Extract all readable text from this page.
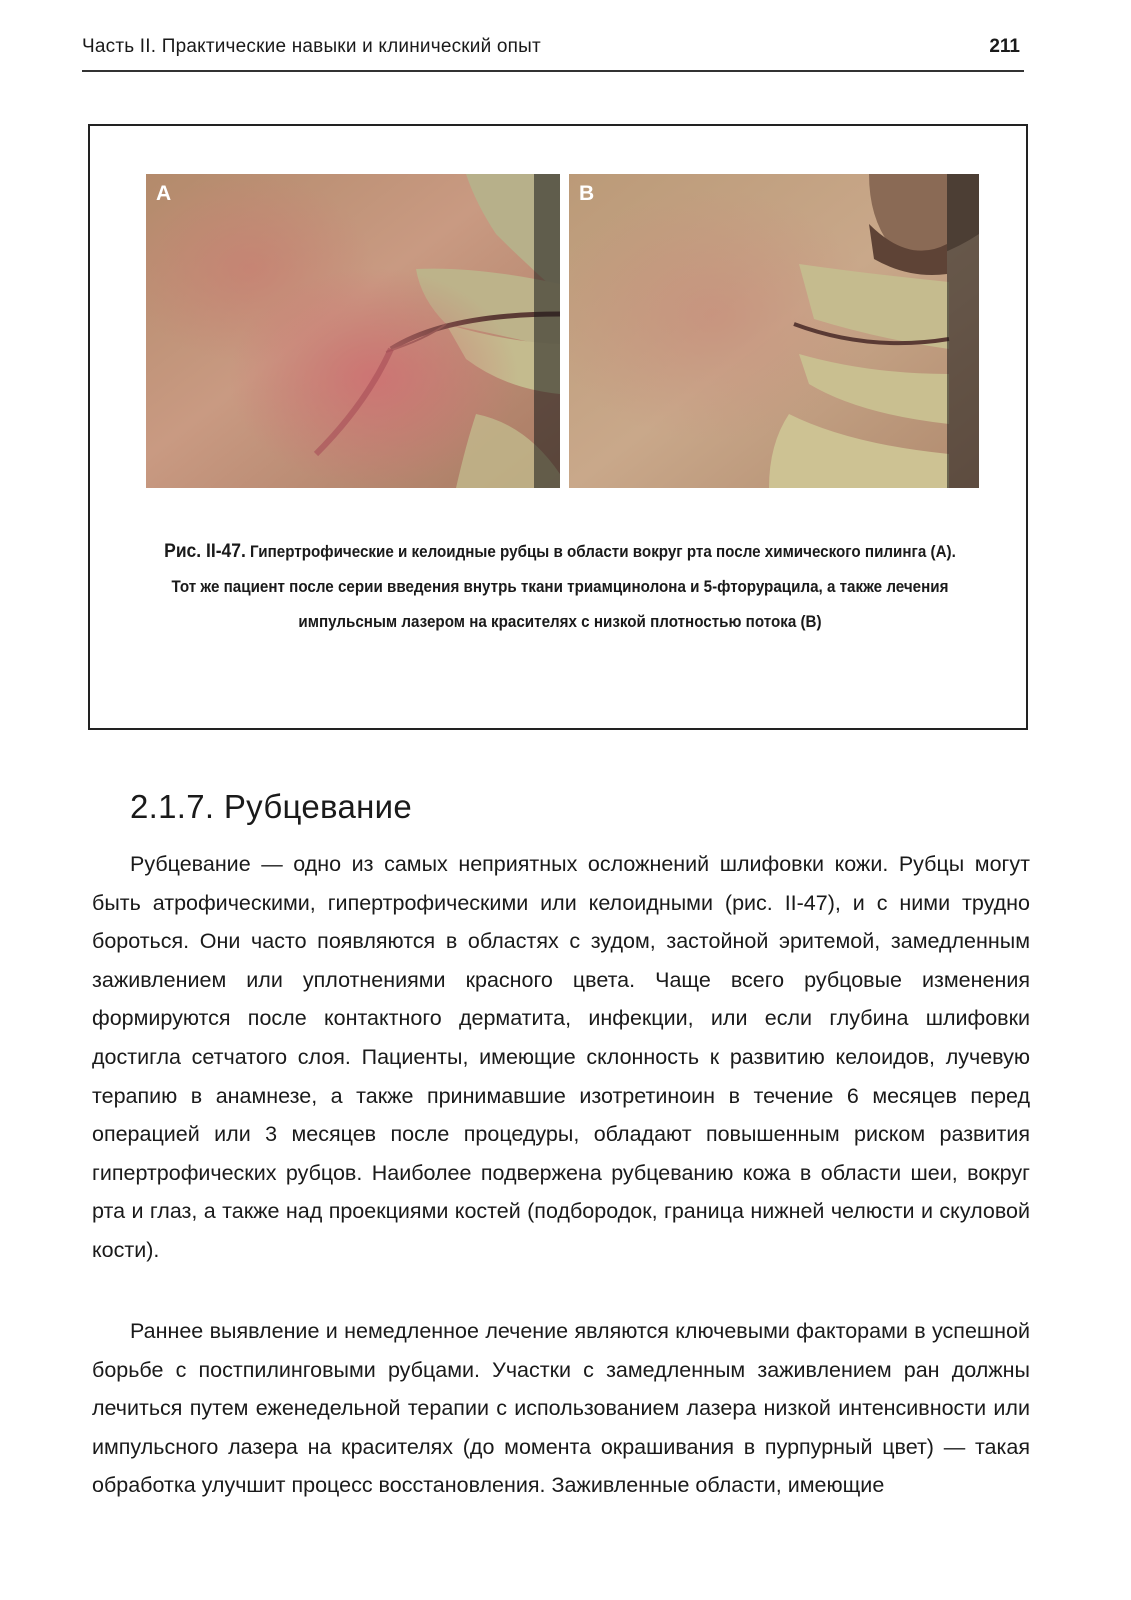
Часть II. Практические навыки и клинический опыт	211
A	B
Рис. II-47. Гипертрофические и келоидные рубцы в области вокруг рта после химического пилинга (A). Тот же пациент после серии введения внутрь ткани триамцинолона и 5-фторурацила, а также лечения импульсным лазером на красителях с низкой плотностью потока (B)
2.1.7. Рубцевание

Рубцевание — одно из самых неприятных осложнений шлифовки кожи. Рубцы могут быть атрофическими, гипертрофическими или келоидными (рис. II-47), и с ними трудно бороться. Они часто появляются в областях с зудом, застойной эритемой, замедленным заживлением или уплотнениями красного цвета. Чаще всего рубцовые изменения формируются после контактного дерматита, инфекции, или если глубина шлифовки достигла сетчатого слоя. Пациенты, имеющие склонность к развитию келоидов, лучевую терапию в анамнезе, а также принимавшие изотретиноин в течение 6 месяцев перед операцией или 3 месяцев после процедуры, обладают повышенным риском развития гипертрофических рубцов. Наиболее подвержена рубцеванию кожа в области шеи, вокруг рта и глаз, а также над проекциями костей (подбородок, граница нижней челюсти и скуловой кости).

Раннее выявление и немедленное лечение являются ключевыми факторами в успешной борьбе с постпилинговыми рубцами. Участки с замедленным заживлением ран должны лечиться путем еженедельной терапии с использованием лазера низкой интенсивности или импульсного лазера на красителях (до момента окрашивания в пурпурный цвет) — такая обработка улучшит процесс восстановления. Заживленные области, имеющие
